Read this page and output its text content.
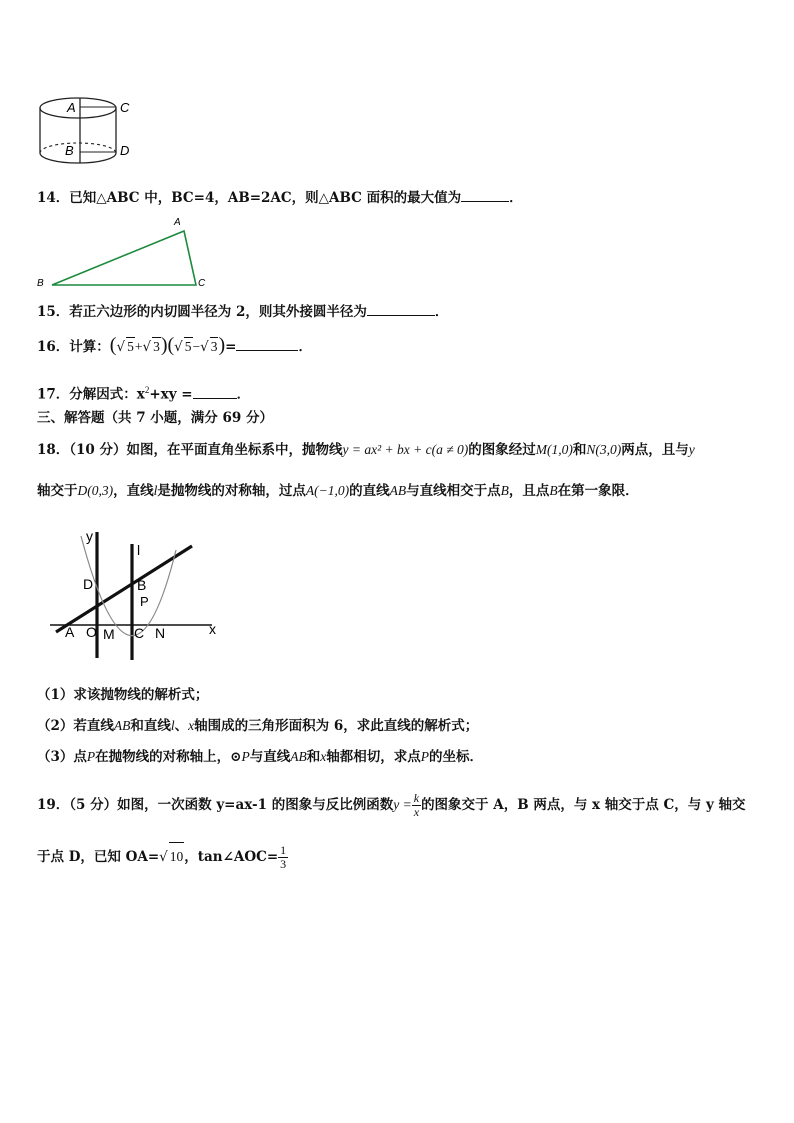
A	C
B	D
14．已知△ABC 中，BC=4，AB=2AC，则△ABC 面积的最大值为	．
A
B	C
15．若正六边形的内切圆半径为 2，则其外接圆半径为	．
16．计算：(√ 5+√ 3)(√ 5−√ 3)=	．
17．分解因式：$x^2+xy$ =	．
三、解答题（共 7 小题，满分 69 分）
18．（10 分）如图，在平面直角坐标系中，抛物线y = ax² + bx + c(a ≠ 0)的图象经过M(1,0)和N(3,0)两点，且与y
轴交于D(0,3)，直线l是抛物线的对称轴，过点A(−1,0)的直线AB与直线相交于点B，且点B在第一象限．
y
l
D	B
P
A O M C N	x
（1）求该抛物线的解析式；
（2）若直线AB和直线l、x轴围成的三角形面积为 6，求此直线的解析式；
（3）点P在抛物线的对称轴上，⊙P与直线AB和x轴都相切，求点P的坐标．
19．（5 分）如图，一次函数 y=ax-1 的图象与反比例函数$y = \frac{k}{x}$ 的图象交于 A，B 两点，与 x 轴交于点 C，与 y 轴交
于点 D，已知 OA=√ 10，tan∠AOC= $\frac{1}{3}$
